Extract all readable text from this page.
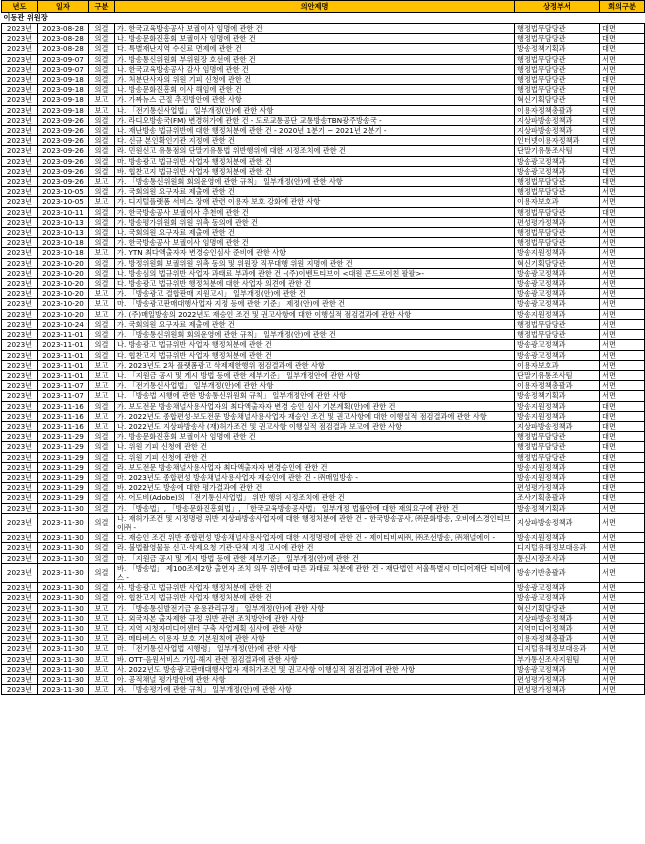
년도	일자	구분	의안제명	상정부서	회의구분
이동관 위원장					
2023년	2023-08-28	의결	가. 한국교육방송공사 보궐이사 임명에 관한 건	행정법무담당관	대면
2023년	2023-08-28	의결	나. 방송문화진흥회 보궐이사 임명에 관한 건	행정법무담당관	대면
2023년	2023-08-28	의결	다. 특별재난지역 수신료 면제에 관한 건	방송정책기획과	대면
2023년	2023-09-07	의결	가. 방송통신위원회 부위원장 호선에 관한 건	행정법무담당관	서면
2023년	2023-09-07	의결	나. 한국교육방송공사 감사 임명에 관한 건	행정법무담당관	서면
2023년	2023-09-18	의결	가. 처분단사자의 위원 기피 신청에 관한 건	행정법무담당관	대면
2023년	2023-09-18	의결	나. 방송문화진흥회 이사 해임에 관한 건	행정법무담당관	대면
2023년	2023-09-18	보고	가. 가짜뉴스 근절 추진방안에 관한 사항	혁신기획담당관	대면
2023년	2023-09-18	보고	나. 「전기통신사업법」 일부개정(안)에 관한 사항	이용자정책총괄과	대면
2023년	2023-09-26	의결	가. 라디오방송국(FM) 변경허가에 관한 건 - 도로교통공단 교통방송TBN광주방송국 -	지상파방송정책과	대면
2023년	2023-09-26	의결	나. 재난방송 법규위반에 대한 행정처분에 관한 건 - 2020년 1분기 ~ 2021년 2분기 -	지상파방송정책과	대면
2023년	2023-09-26	의결	다. 신규 본인확인기관 지정에 관한 건	인터넷이용자정책과	대면
2023년	2023-09-26	의결	라. 민원신고 유통점의 단말기유통법 위반행위에 대한 시정조치에 관한 건	단말기유통조사팀	대면
2023년	2023-09-26	의결	마. 방송광고 법규위반 사업자 행정처분에 관한 건	방송광고정책과	대면
2023년	2023-09-26	의결	바. 협찬고지 법규위반 사업자 행정처분에 관한 건	방송광고정책과	대면
2023년	2023-09-26	보고	가. 「방송통신위원회 회의운영에 관한 규칙」 일부개정(안)에 관한 사항	행정법무담당관	대면
2023년	2023-10-05	의결	가. 국회의원 요구자료 제출에 관한 건	행정법무담당관	서면
2023년	2023-10-05	보고	가. 디지털플랫폼 서비스 장애 관련 이용자 보호 강화에 관한 사항	이용자보호과	서면
2023년	2023-10-11	의결	가. 한국방송공사 보궐이사 추천에 관한 건	행정법무담당관	대면
2023년	2023-10-13	의결	가. 방송평가위원회 위원 위촉 동의에 관한 건	편성평가정책과	서면
2023년	2023-10-13	의결	나. 국회의원 요구자료 제출에 관한 건	행정법무담당관	서면
2023년	2023-10-18	의결	가. 한국방송공사 보궐이사 임명에 관한 건	행정법무담당관	서면
2023년	2023-10-18	보고	가. YTN 최다액출자자 변경승인심사 준비에 관한 사항	방송지원정책과	서면
2023년	2023-10-20	의결	가. 방정위원회 보궐위원 위촉 동의 및 위원장 직무대행 위원 지명에 관한 건	혁신기획담당관	서면
2023년	2023-10-20	의결	나. 방송심의 법규위반 사업자 과태료 부과에 관한 건 -(주)이벤트티브이 <대원 콘드로이친 팔팔>-	방송광고정책과	서면
2023년	2023-10-20	의결	다. 방송광고 법규위반 행정처분에 대한 사업자 의견에 관한 건	방송광고정책과	서면
2023년	2023-10-20	보고	가. 「방송광고 결합판매 지원고시」 일부개정(안)에 관한 건	방송광고정책과	서면
2023년	2023-10-20	보고	마. 「방송광고판매대행사업자 지정 등에 관한 기준」 제정(안)에 관한 건	방송광고정책과	서면
2023년	2023-10-20	보고	가. (주)매일방송의 2022년도 재승인 조건 및 권고사항에 대한 이행실적 점검결과에 관한 사항	방송지원정책과	서면
2023년	2023-10-24	의결	가. 국회의원 요구자료 제출에 관한 건	행정법무담당관	서면
2023년	2023-11-01	의결	가. 「방송통신위원회 회의운영에 관한 규칙」 일부개정(안)에 관한 건	행정법무담당관	서면
2023년	2023-11-01	의결	나. 방송광고 법규위반 사업자 행정처분에 관한 건	방송광고정책과	서면
2023년	2023-11-01	의결	다. 협찬고지 법규위반 사업자 행정처분에 관한 건	방송광고정책과	서면
2023년	2023-11-01	보고	가. 2023년도 2차 플랫폼광고 삭제제한행위 점검결과에 관한 사항	이용자보호과	서면
2023년	2023-11-01	보고	나. 「지원금 공시 및 게시 방법 등에 관한 세부기준」 일부개정안에 관한 사항	단말기유통조사팀	서면
2023년	2023-11-07	보고	가. 「전기통신사업법」 일부개정(안)에 관한 사항	이용자정책총괄과	서면
2023년	2023-11-07	보고	나. 「방송법 시행에 관한 방송통신위원회 규칙」 일부개정안에 관한 사항	방송정책기획과	서면
2023년	2023-11-16	의결	가. 보도전문 방송채널사용사업자의 최다액출자자 변경 승인 심사 기본계획(안)에 관한 건	방송지원정책과	대면
2023년	2023-11-16	보고	가. 2022년도 종합편성·보도전문 방송채널사용사업자 재승인 조건 및 권고사항에 대한 이행실적 점검결과에 관한 사항	방송지원정책과	대면
2023년	2023-11-16	보고	나. 2022년도 지상파방송사 (재)허가조건 및 권고사항 이행실적 점검결과 보고에 관한 사항	지상파방송정책과	대면
2023년	2023-11-29	의결	가. 방송문화진흥회 보궐이사 임명에 관한 건	행정법무담당관	대면
2023년	2023-11-29	의결	나. 위원 기피 신청에 관한 건	행정법무담당관	대면
2023년	2023-11-29	의결	다. 위원 기피 신청에 관한 건	행정법무담당관	대면
2023년	2023-11-29	의결	라. 보도전문 방송채널사용사업자 최다액출자자 변경승인에 관한 건	방송지원정책과	대면
2023년	2023-11-29	의결	마. 2023년도 종합편성 방송채널사용사업자 재승인에 관한 건 - ㈜매일방송 -	방송지원정책과	대면
2023년	2023-11-29	의결	바. 2022년도 방송에 대한 평가결과에 관한 건	편성평가정책과	대면
2023년	2023-11-29	의결	사. 어도비(Adobe)의 「전기통신사업법」 위반 행위 시정조치에 관한 건	조사기획총괄과	대면
2023년	2023-11-30	의결	가. 「방송법」, 「방송문화진흥회법」, 「한국교육방송공사법」 일부개정 법률안에 대한 재의요구에 관한 건	방송정책기획과	서면
2023년	2023-11-30	의결	나. 재허가조건 및 시정명령 위반 지상파방송사업자에 대한 행정처분에 관한 건 - 한국방송공사, ㈜문화방송, 오비에스경인티브이㈜ -	지상파방송정책과	서면
2023년	2023-11-30	의결	다. 재승인 조건 위반 종합편성 방송채널사용사업자에 대한 시정명령에 관한 건 - 제이티비씨㈜, ㈜조선방송, ㈜채널에이 -	방송지원정책과	서면
2023년	2023-11-30	의결	라. 불법촬영물등 신고·삭제요청 기관·단체 지정 고시에 관한 건	디지털유해정보대응과	서면
2023년	2023-11-30	의결	마. 「지원금 공시 및 게시 방법 등에 관한 세부기준」 일부개정(안)에 관한 건	통신시장조사과	서면
2023년	2023-11-30	의결	바. 「방송법」 제100조제2항 출연자 조치 의무 위반에 따른 과태료 처분에 관한 건 - 재단법인 서울특별시 미디어재단 티비에스 -	방송기반총괄과	서면
2023년	2023-11-30	의결	사. 방송광고 법규위반 사업자 행정처분에 관한 건	방송광고정책과	서면
2023년	2023-11-30	의결	아. 협찬고지 법규위반 사업자 행정처분에 관한 건	방송광고정책과	서면
2023년	2023-11-30	보고	가. 「방송통신발전기금 운용관리규정」 일부개정(안)에 관한 사항	혁신기획담당관	서면
2023년	2023-11-30	보고	나. 외국자본 출자제한 규정 위반 관련 조치방안에 관한 사항	지상파방송정책과	서면
2023년	2023-11-30	보고	다. 지역 시청자미디어센터 구축 사업계획 심사에 관한 사항	지역미디어정책과	서면
2023년	2023-11-30	보고	라. 메타버스 이용자 보호 기본원칙에 관한 사항	이용자정책총괄과	서면
2023년	2023-11-30	보고	마. 「전기통신사업법 시행령」 일부개정(안)에 관한 사항	디지털유해정보대응과	서면
2023년	2023-11-30	보고	바. OTT·음원서비스 가입·해지 관련 점검결과에 관한 사항	부가통신조사지원팀	서면
2023년	2023-11-30	보고	사. 2022년도 방송광고판매대행사업자 재허가조건 및 권고사항 이행실적 점검결과에 관한 사항	방송광고정책과	서면
2023년	2023-11-30	보고	아. 공적채널 평가방안에 관한 사항	편성평가정책과	서면
2023년	2023-11-30	보고	자. 「방송평가에 관한 규칙」 일부개정(안)에 관한 사항	편성평가정책과	서면
